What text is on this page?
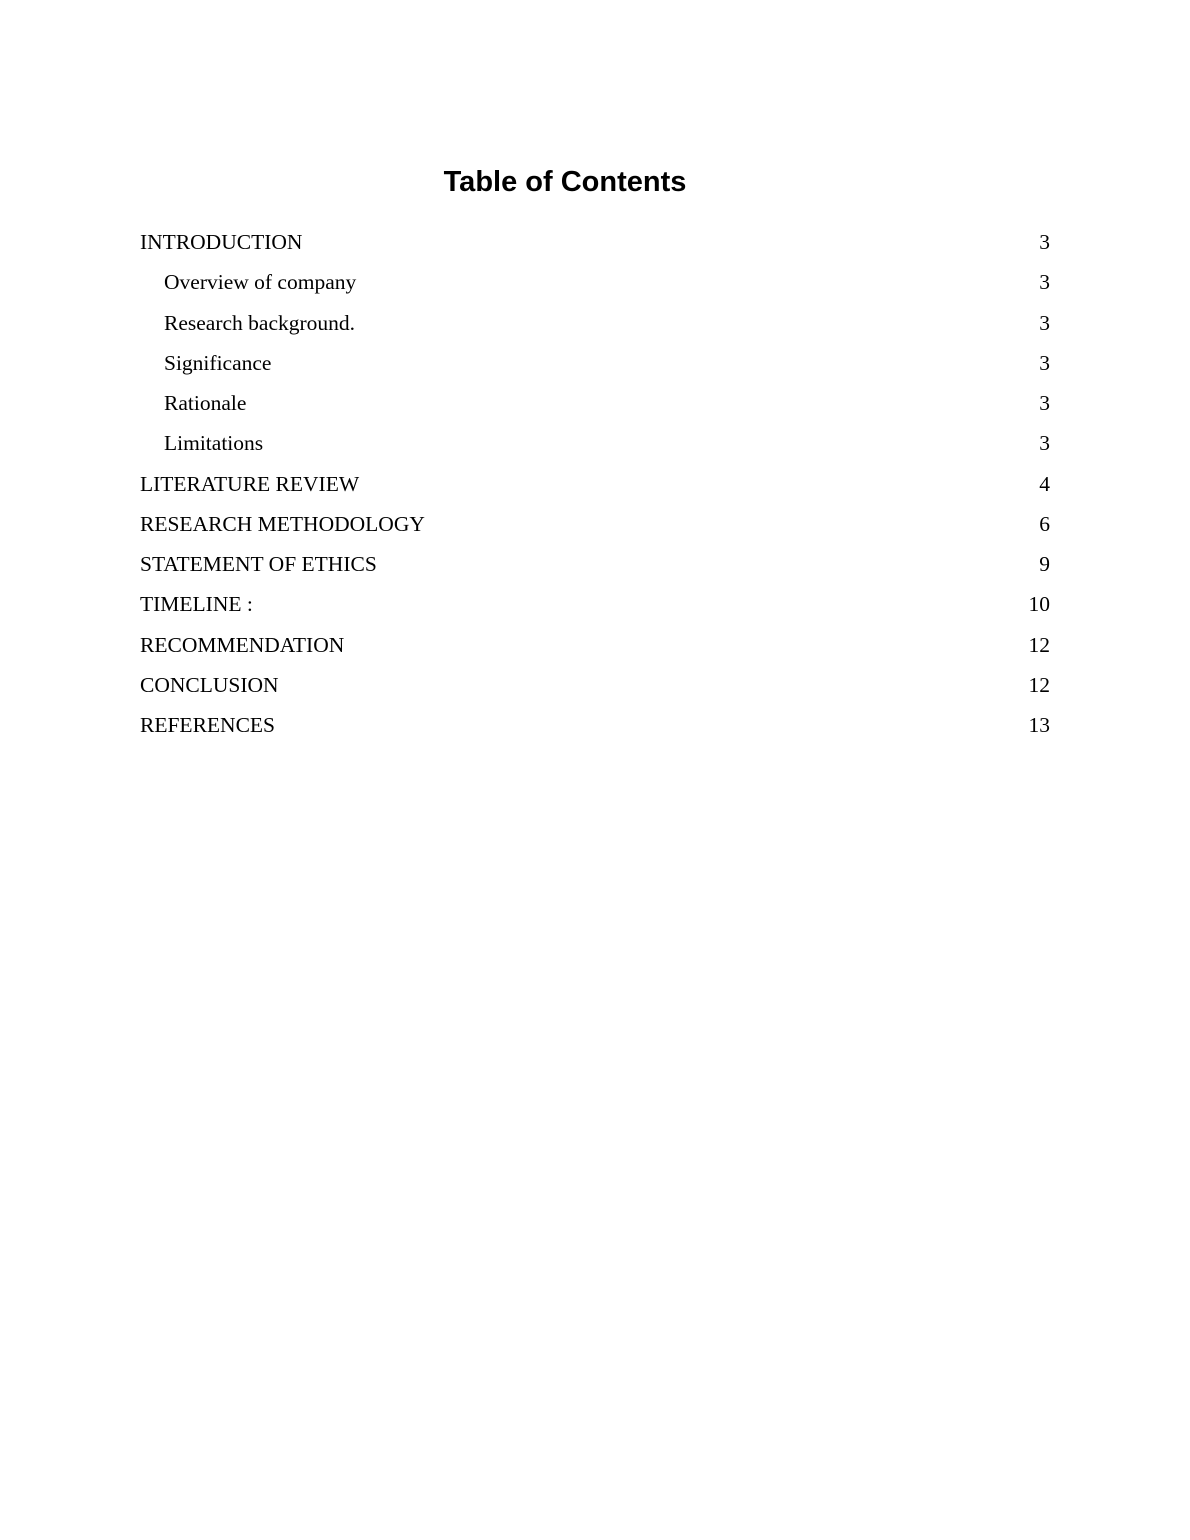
Table of Contents
INTRODUCTION	3
Overview of company	3
Research background.	3
Significance	3
Rationale	3
Limitations	3
LITERATURE REVIEW	4
RESEARCH METHODOLOGY	6
STATEMENT OF ETHICS	9
TIMELINE :	10
RECOMMENDATION	12
CONCLUSION	12
REFERENCES	13
